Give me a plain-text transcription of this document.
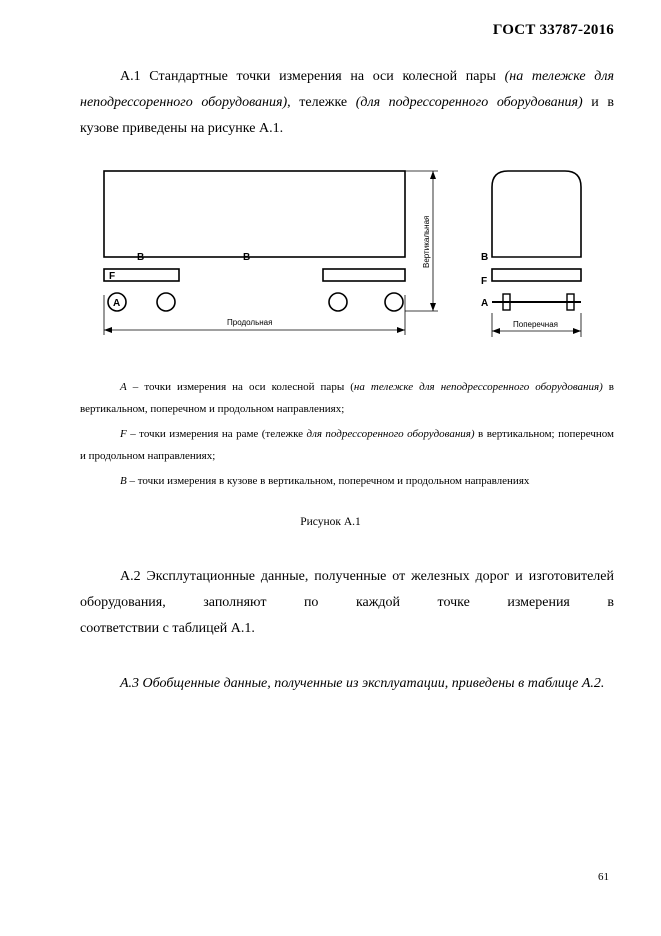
ГОСТ 33787-2016
А.1 Стандартные точки измерения на оси колесной пары (на тележке для неподрессоренного оборудования), тележке (для подрессоренного оборудования) и в кузове приведены на рисунке А.1.
B	B
F
A
Вертикальная
Продольная	Поперечная
B
F
A
А – точки измерения на оси колесной пары (на тележке для неподрессоренного оборудования) в вертикальном, поперечном и продольном направлениях;
F – точки измерения на раме (тележке для подрессоренного оборудования) в вертикальном; поперечном и продольном направлениях;
В – точки измерения в кузове в вертикальном, поперечном и продольном направлениях
Рисунок А.1
А.2 Эксплутационные данные, полученные от железных дорог и изготовителей оборудования, заполняют по каждой точке измерения в
соответствии с таблицей А.1.
А.3 Обобщенные данные, полученные из эксплуатации, приведены в таблице А.2.
61
